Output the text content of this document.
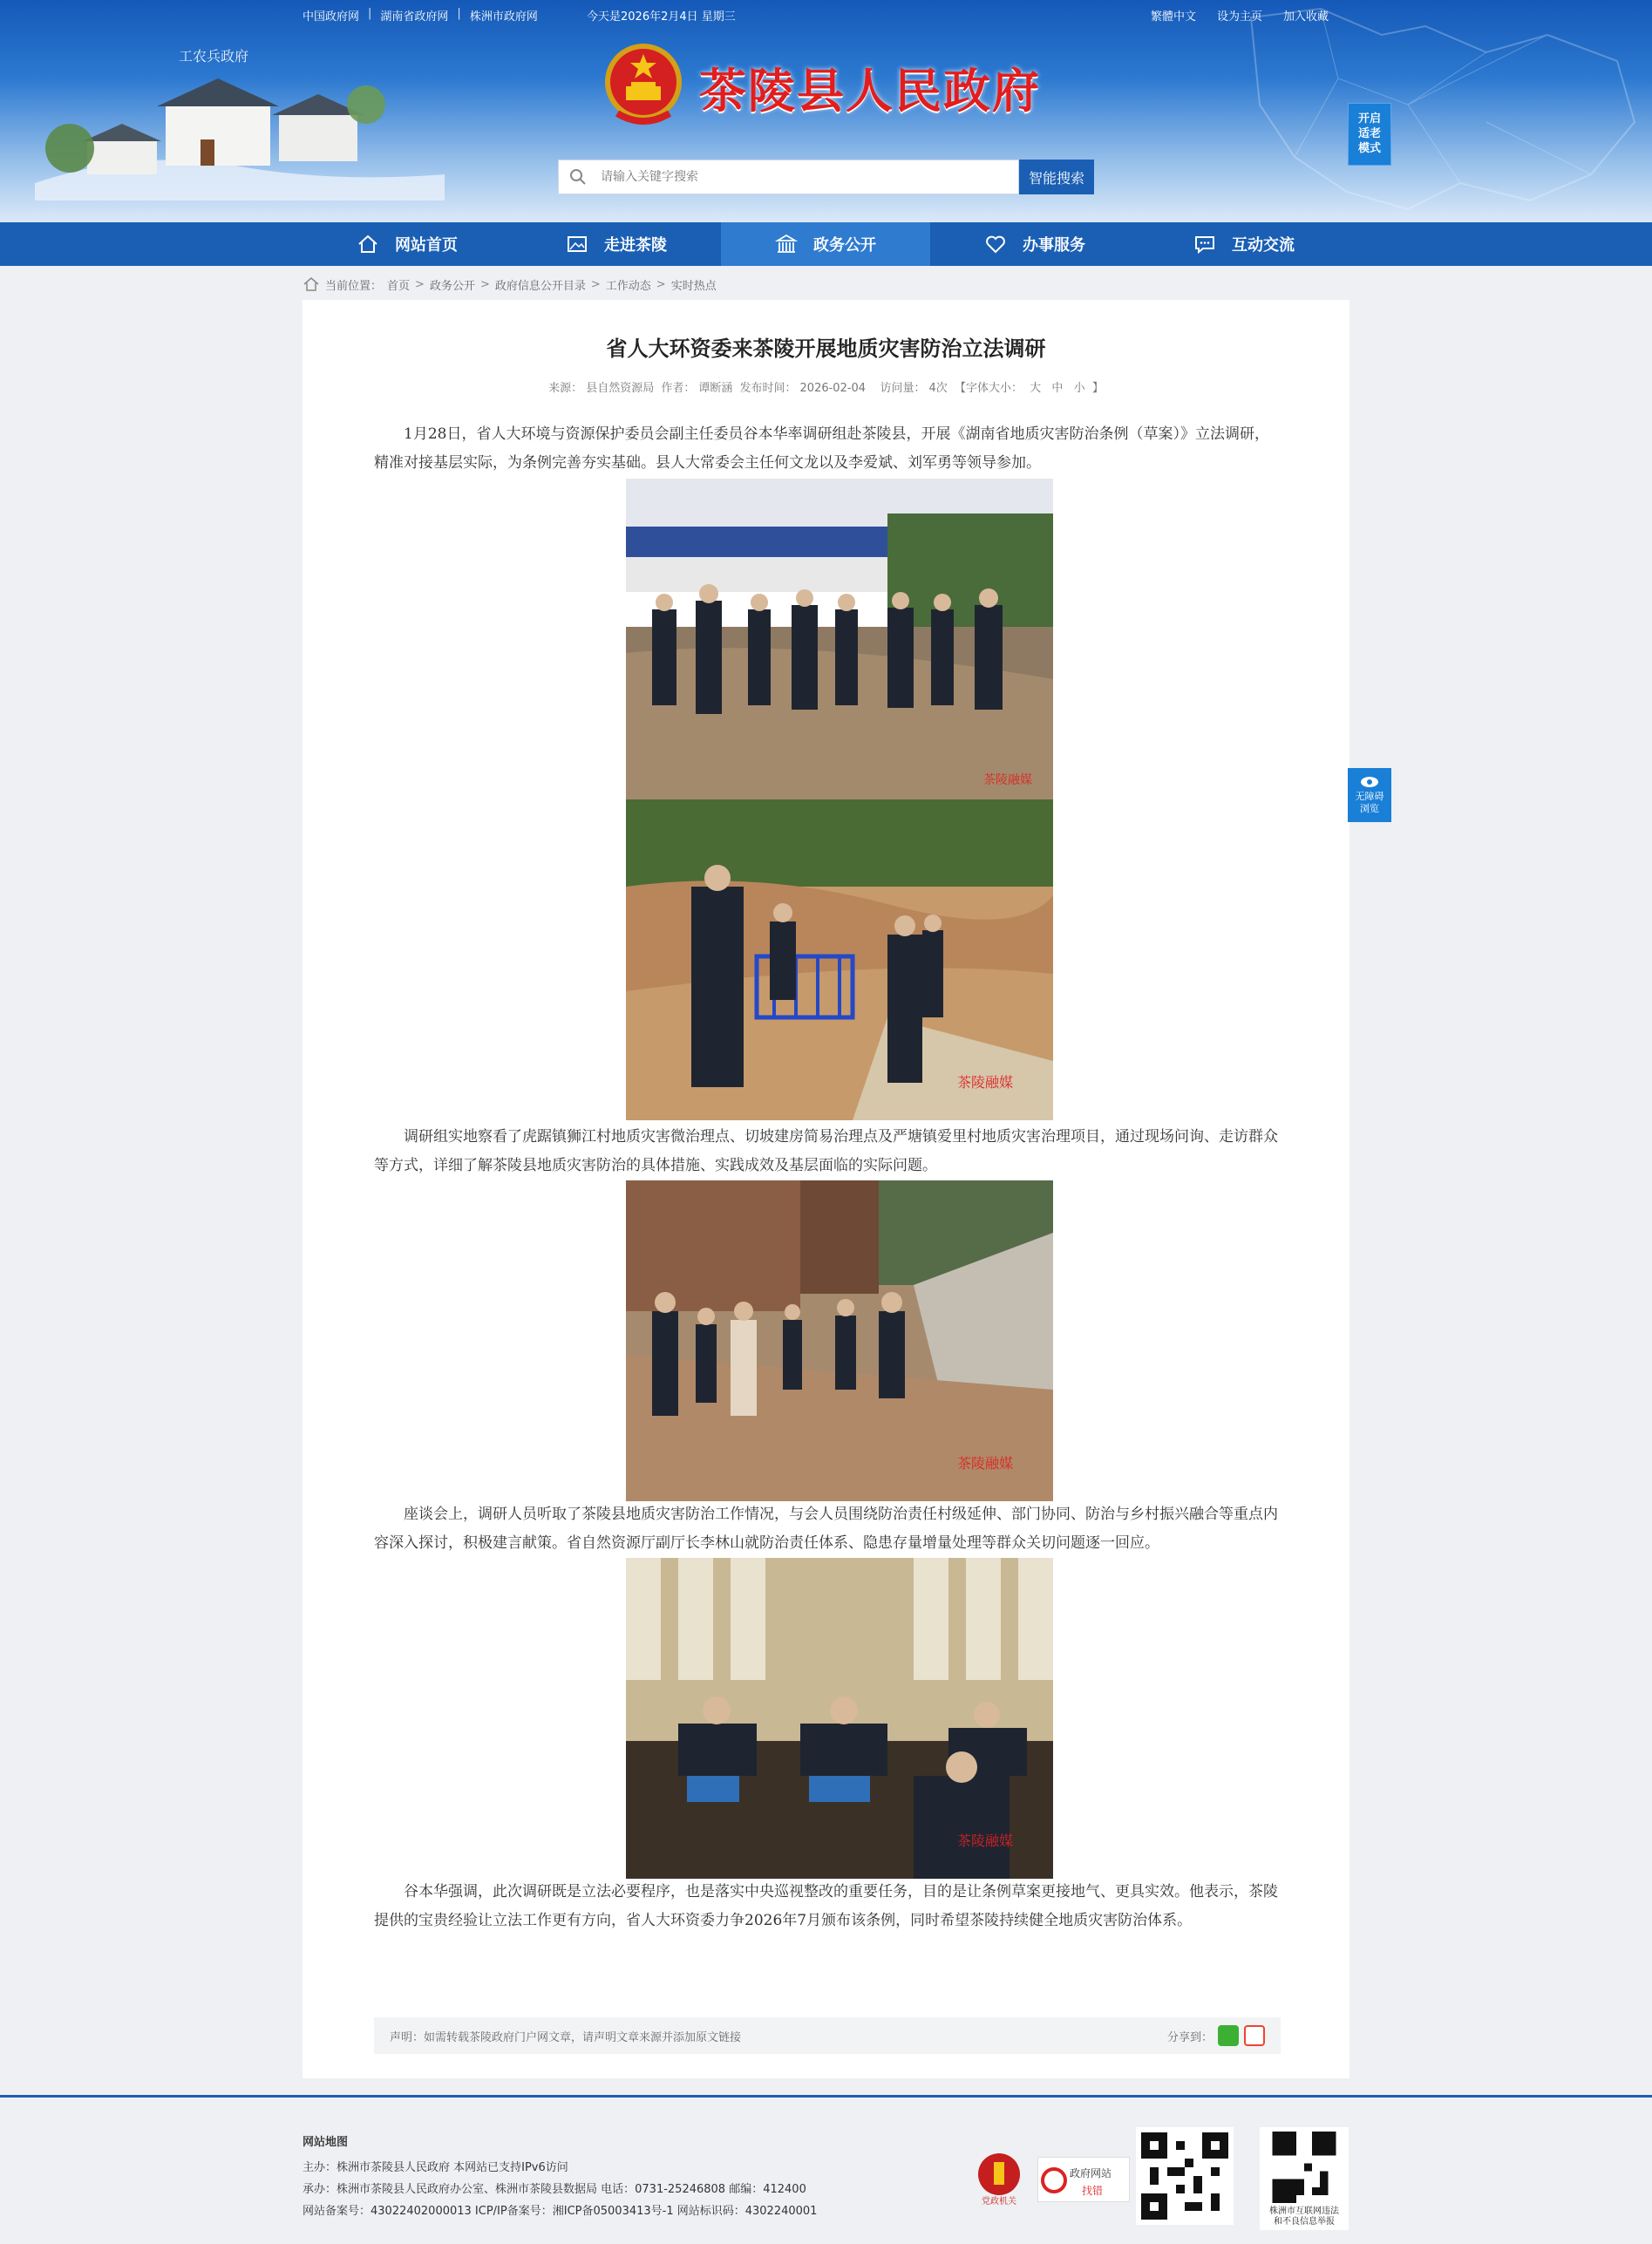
中国政府网 | 湖南省政府网 | 株洲市政府网	今天是2026年2月4日 星期三	繁體中文 设为主页 加入收藏
工农兵政府
茶陵县人民政府
请输入关键字搜索
智能搜索
开启
适老
模式
网站首页	走进茶陵	政务公开	办事服务	互动交流
当前位置： 首页 > 政务公开 > 政府信息公开目录 > 工作动态 > 实时热点
省人大环资委来茶陵开展地质灾害防治立法调研
来源： 县自然资源局 作者： 谭断涵 发布时间： 2026-02-04 访问量： 4次 【字体大小： 大 中 小 】

1月28日，省人大环境与资源保护委员会副主任委员谷本华率调研组赴茶陵县，开展《湖南省地质灾害防治条例（草案）》立法调研，精准对接基层实际，为条例完善夯实基础。县人大常委会主任何文龙以及李爱斌、刘军勇等领导参加。

茶陵融媒
茶陵融媒

调研组实地察看了虎踞镇狮江村地质灾害微治理点、切坡建房简易治理点及严塘镇爱里村地质灾害治理项目，通过现场问询、走访群众等方式，详细了解茶陵县地质灾害防治的具体措施、实践成效及基层面临的实际问题。

茶陵融媒

座谈会上，调研人员听取了茶陵县地质灾害防治工作情况，与会人员围绕防治责任村级延伸、部门协同、防治与乡村振兴融合等重点内容深入探讨，积极建言献策。省自然资源厅副厅长李林山就防治责任体系、隐患存量增量处理等群众关切问题逐一回应。

茶陵融媒

谷本华强调，此次调研既是立法必要程序，也是落实中央巡视整改的重要任务，目的是让条例草案更接地气、更具实效。他表示，茶陵提供的宝贵经验让立法工作更有方向，省人大环资委力争2026年7月颁布该条例，同时希望茶陵持续健全地质灾害防治体系。

声明：如需转载茶陵政府门户网文章，请声明文章来源并添加原文链接	分享到：
无障碍
浏览
网站地图
主办：株洲市茶陵县人民政府 本网站已支持IPv6访问
承办：株洲市茶陵县人民政府办公室、株洲市茶陵县数据局 电话：0731-25246808 邮编：412400
网站备案号：43022402000013 ICP/IP备案号：湘ICP备05003413号-1 网站标识码：4302240001
党政机关
政府网站
找错
株洲市互联网违法
和不良信息举报
